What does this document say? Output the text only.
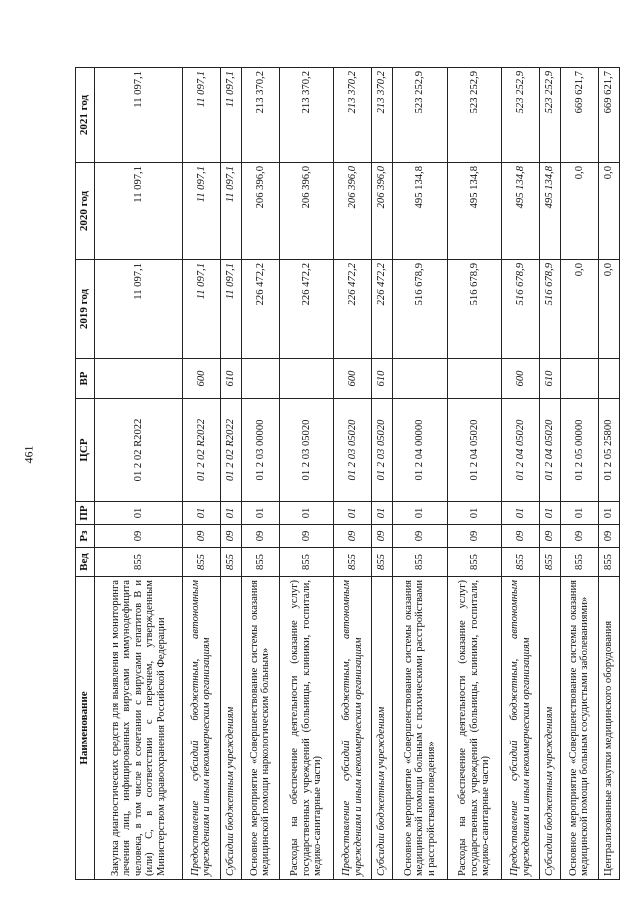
461
Наименование	Вед	Рз	ПР	ЦСР	ВР	2019 год	2020 год	2021 год
Закупка диагностических средств для выявления и мониторинга лечения лиц, инфицированных вирусами иммунодефицита человека, в том числе в сочетании с вирусами гепатитов B и (или) C, в соответствии с перечнем, утвержденным Министерством здравоохранения Российской Федерации	855	09	01	01 2 02 R2022		11 097,1	11 097,1	11 097,1
Предоставление субсидий бюджетным, автономным учреждениям и иным некоммерческим организациям	855	09	01	01 2 02 R2022	600	11 097,1	11 097,1	11 097,1
Субсидии бюджетным учреждениям	855	09	01	01 2 02 R2022	610	11 097,1	11 097,1	11 097,1
Основное мероприятие «Совершенствование системы оказания медицинской помощи наркологическим больным»	855	09	01	01 2 03 00000		226 472,2	206 396,0	213 370,2
Расходы на обеспечение деятельности (оказание услуг) государственных учреждений (больницы, клиники, госпитали, медико-санитарные части)	855	09	01	01 2 03 05020		226 472,2	206 396,0	213 370,2
Предоставление субсидий бюджетным, автономным учреждениям и иным некоммерческим организациям	855	09	01	01 2 03 05020	600	226 472,2	206 396,0	213 370,2
Субсидии бюджетным учреждениям	855	09	01	01 2 03 05020	610	226 472,2	206 396,0	213 370,2
Основное мероприятие «Совершенствование системы оказания медицинской помощи больным с психическими расстройствами и расстройствами поведения»	855	09	01	01 2 04 00000		516 678,9	495 134,8	523 252,9
Расходы на обеспечение деятельности (оказание услуг) государственных учреждений (больницы, клиники, госпитали, медико-санитарные части)	855	09	01	01 2 04 05020		516 678,9	495 134,8	523 252,9
Предоставление субсидий бюджетным, автономным учреждениям и иным некоммерческим организациям	855	09	01	01 2 04 05020	600	516 678,9	495 134,8	523 252,9
Субсидии бюджетным учреждениям	855	09	01	01 2 04 05020	610	516 678,9	495 134,8	523 252,9
Основное мероприятие «Совершенствование системы оказания медицинской помощи больным сосудистыми заболеваниями»	855	09	01	01 2 05 00000		0,0	0,0	669 621,7
Централизованные закупки медицинского оборудования	855	09	01	01 2 05 25800		0,0	0,0	669 621,7
